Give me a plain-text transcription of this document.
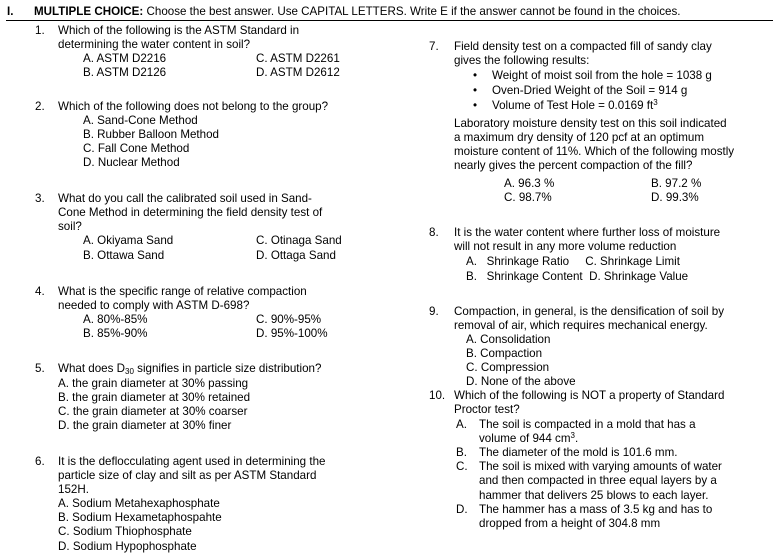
I. MULTIPLE CHOICE: Choose the best answer. Use CAPITAL LETTERS. Write E if the answer cannot be found in the choices.
1. Which of the following is the ASTM Standard in
determining the water content in soil?
A. ASTM D2216	C. ASTM D2261
B. ASTM D2126	D. ASTM D2612
2. Which of the following does not belong to the group?
A. Sand-Cone Method
B. Rubber Balloon Method
C. Fall Cone Method
D. Nuclear Method
3. What do you call the calibrated soil used in Sand-
Cone Method in determining the field density test of
soil?
A. Okiyama Sand	C. Otinaga Sand
B. Ottawa Sand	D. Ottaga Sand
4. What is the specific range of relative compaction
needed to comply with ASTM D-698?
A. 80%-85%	C. 90%-95%
B. 85%-90%	D. 95%-100%
5. What does $D_{30}$ signifies in particle size distribution?
A. the grain diameter at 30% passing
B. the grain diameter at 30% retained
C. the grain diameter at 30% coarser
D. the grain diameter at 30% finer
6. It is the deflocculating agent used in determining the
particle size of clay and silt as per ASTM Standard
152H.
A. Sodium Metahexaphosphate
B. Sodium Hexametaphospahte
C. Sodium Thiophosphate
D. Sodium Hypophosphate
7. Field density test on a compacted fill of sandy clay
gives the following results:
• Weight of moist soil from the hole = 1038 g
• Oven-Dried Weight of the Soil = 914 g
• Volume of Test Hole = 0.0169 $ft^3$
Laboratory moisture density test on this soil indicated
a maximum dry density of 120 pcf at an optimum
moisture content of 11%. Which of the following mostly
nearly gives the percent compaction of the fill?
A. 96.3 %	B. 97.2 %
C. 98.7%	D. 99.3%
8. It is the water content where further loss of moisture
will not result in any more volume reduction
A.   Shrinkage Ratio     C. Shrinkage Limit
B.   Shrinkage Content  D. Shrinkage Value
9. Compaction, in general, is the densification of soil by
removal of air, which requires mechanical energy.
A. Consolidation
B. Compaction
C. Compression
D. None of the above
10. Which of the following is NOT a property of Standard
Proctor test?
A. The soil is compacted in a mold that has a
volume of 944 $cm^3$.
B. The diameter of the mold is 101.6 mm.
C. The soil is mixed with varying amounts of water
and then compacted in three equal layers by a
hammer that delivers 25 blows to each layer.
D. The hammer has a mass of 3.5 kg and has to
dropped from a height of 304.8 mm
